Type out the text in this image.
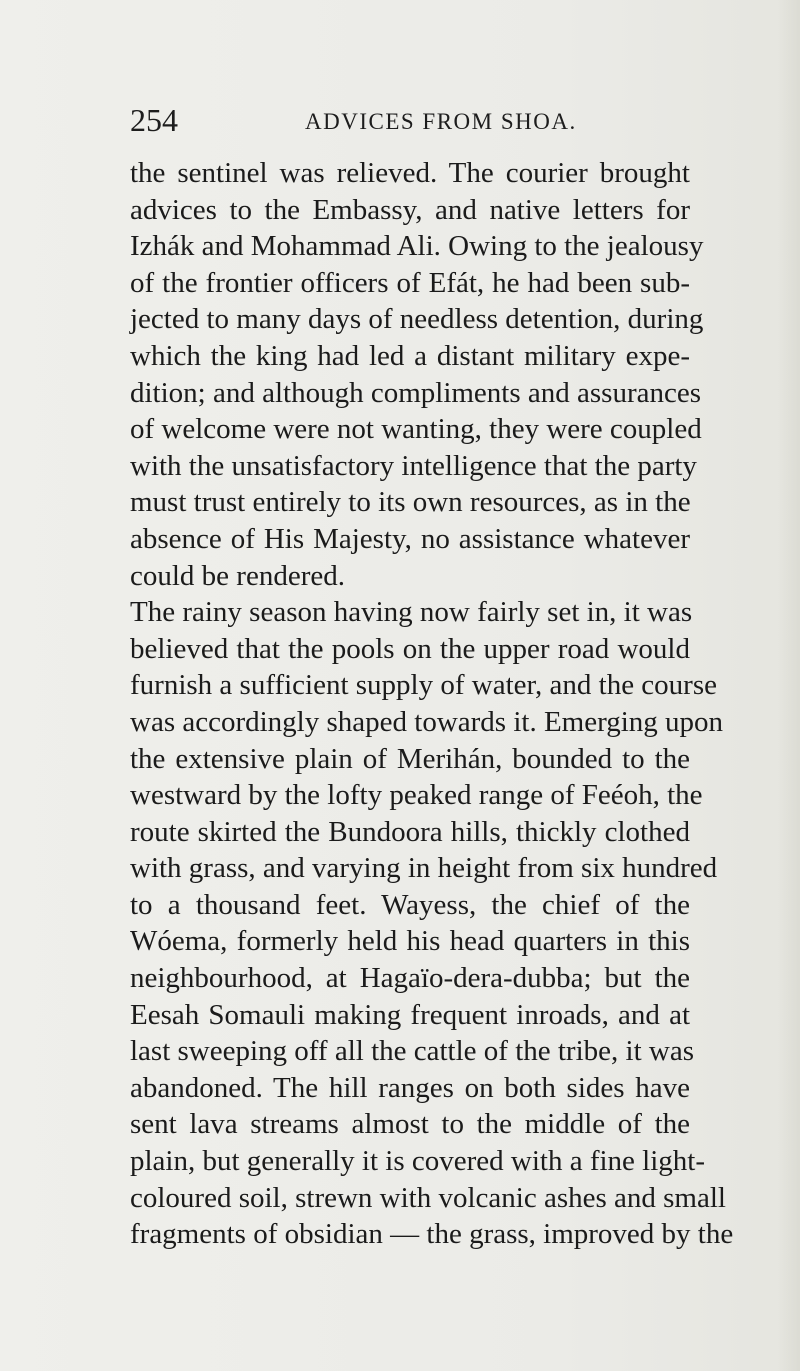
254	ADVICES FROM SHOA.
the sentinel was relieved. The courier brought
advices to the Embassy, and native letters for
Izhák and Mohammad Ali. Owing to the jealousy
of the frontier officers of Efát, he had been sub-
jected to many days of needless detention, during
which the king had led a distant military expe-
dition; and although compliments and assurances
of welcome were not wanting, they were coupled
with the unsatisfactory intelligence that the party
must trust entirely to its own resources, as in the
absence of His Majesty, no assistance whatever
could be rendered.
The rainy season having now fairly set in, it was
believed that the pools on the upper road would
furnish a sufficient supply of water, and the course
was accordingly shaped towards it. Emerging upon
the extensive plain of Merihán, bounded to the
westward by the lofty peaked range of Feéoh, the
route skirted the Bundoora hills, thickly clothed
with grass, and varying in height from six hundred
to a thousand feet. Wayess, the chief of the
Wóema, formerly held his head quarters in this
neighbourhood, at Hagaïo-dera-dubba; but the
Eesah Somauli making frequent inroads, and at
last sweeping off all the cattle of the tribe, it was
abandoned. The hill ranges on both sides have
sent lava streams almost to the middle of the
plain, but generally it is covered with a fine light-
coloured soil, strewn with volcanic ashes and small
fragments of obsidian — the grass, improved by the
